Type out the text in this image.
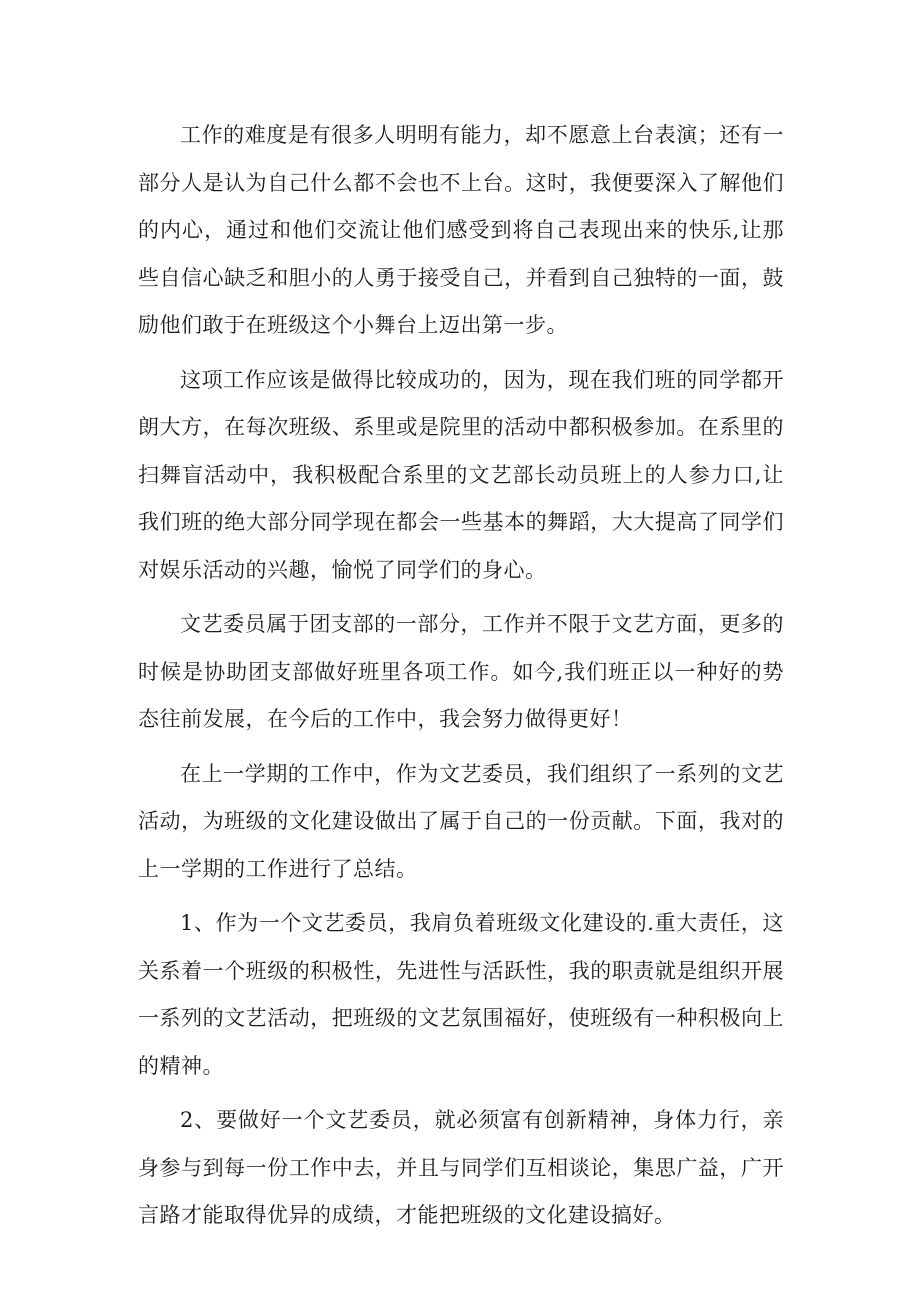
工作的难度是有很多人明明有能力，却不愿意上台表演；还有一部分人是认为自己什么都不会也不上台。这时，我便要深入了解他们的内心，通过和他们交流让他们感受到将自己表现出来的快乐,让那些自信心缺乏和胆小的人勇于接受自己，并看到自己独特的一面，鼓励他们敢于在班级这个小舞台上迈出第一步。

这项工作应该是做得比较成功的，因为，现在我们班的同学都开朗大方，在每次班级、系里或是院里的活动中都积极参加。在系里的扫舞盲活动中，我积极配合系里的文艺部长动员班上的人参力口,让我们班的绝大部分同学现在都会一些基本的舞蹈，大大提高了同学们对娱乐活动的兴趣，愉悦了同学们的身心。

文艺委员属于团支部的一部分，工作并不限于文艺方面，更多的时候是协助团支部做好班里各项工作。如今,我们班正以一种好的势态往前发展，在今后的工作中，我会努力做得更好！

在上一学期的工作中，作为文艺委员，我们组织了一系列的文艺活动，为班级的文化建设做出了属于自己的一份贡献。下面，我对的上一学期的工作进行了总结。

1、作为一个文艺委员，我肩负着班级文化建设的.重大责任，这关系着一个班级的积极性，先进性与活跃性，我的职责就是组织开展一系列的文艺活动，把班级的文艺氛围福好，使班级有一种积极向上的精神。

2、要做好一个文艺委员，就必须富有创新精神，身体力行，亲身参与到每一份工作中去，并且与同学们互相谈论，集思广益，广开言路才能取得优异的成绩，才能把班级的文化建设搞好。
